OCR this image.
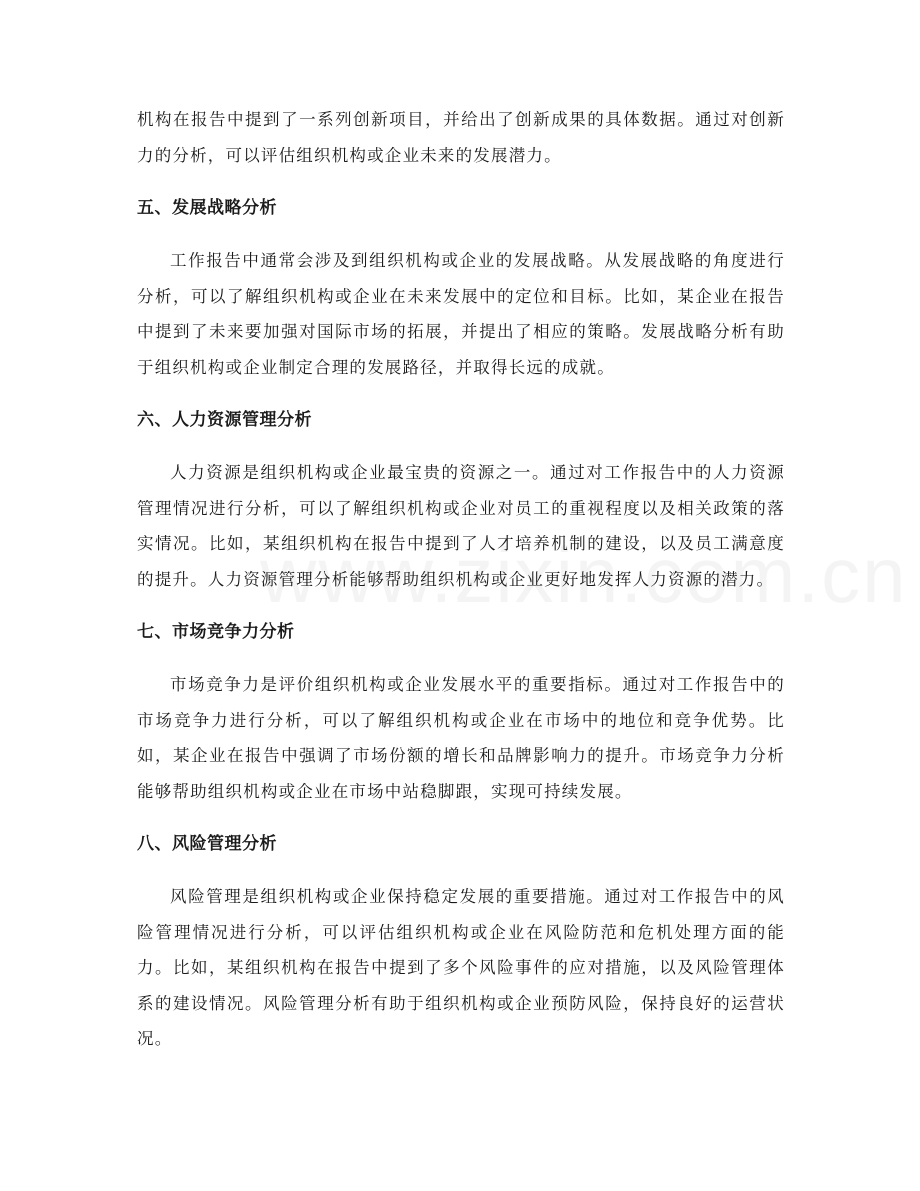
机构在报告中提到了一系列创新项目，并给出了创新成果的具体数据。通过对创新力的分析，可以评估组织机构或企业未来的发展潜力。

五、发展战略分析

工作报告中通常会涉及到组织机构或企业的发展战略。从发展战略的角度进行分析，可以了解组织机构或企业在未来发展中的定位和目标。比如，某企业在报告中提到了未来要加强对国际市场的拓展，并提出了相应的策略。发展战略分析有助于组织机构或企业制定合理的发展路径，并取得长远的成就。

六、人力资源管理分析

人力资源是组织机构或企业最宝贵的资源之一。通过对工作报告中的人力资源管理情况进行分析，可以了解组织机构或企业对员工的重视程度以及相关政策的落实情况。比如，某组织机构在报告中提到了人才培养机制的建设，以及员工满意度的提升。人力资源管理分析能够帮助组织机构或企业更好地发挥人力资源的潜力。

七、市场竞争力分析

市场竞争力是评价组织机构或企业发展水平的重要指标。通过对工作报告中的市场竞争力进行分析，可以了解组织机构或企业在市场中的地位和竞争优势。比如，某企业在报告中强调了市场份额的增长和品牌影响力的提升。市场竞争力分析能够帮助组织机构或企业在市场中站稳脚跟，实现可持续发展。

八、风险管理分析

风险管理是组织机构或企业保持稳定发展的重要措施。通过对工作报告中的风险管理情况进行分析，可以评估组织机构或企业在风险防范和危机处理方面的能力。比如，某组织机构在报告中提到了多个风险事件的应对措施，以及风险管理体系的建设情况。风险管理分析有助于组织机构或企业预防风险，保持良好的运营状况。
